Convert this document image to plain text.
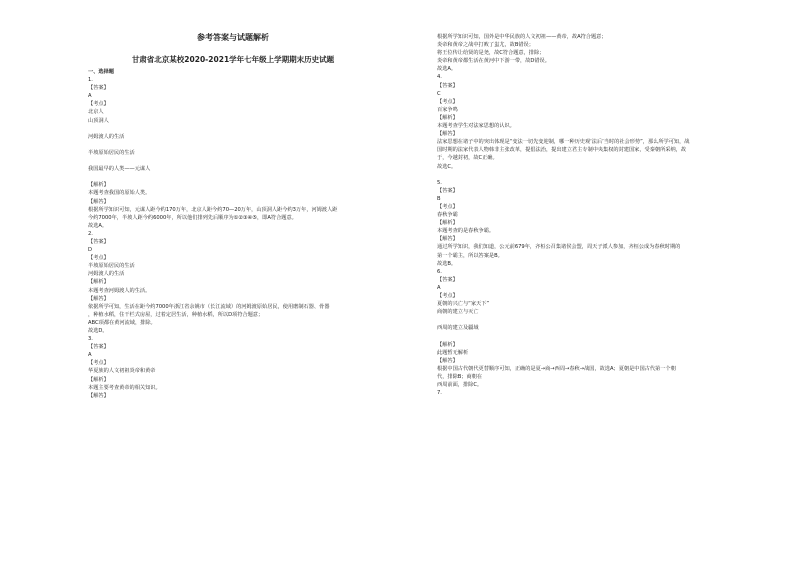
参考答案与试题解析
甘肃省北京某校2020-2021学年七年级上学期期末历史试题
一、选择题
1.
【答案】
A
【考点】
北京人
山顶洞人
河姆渡人的生活
半坡原始居民的生活
我国最早的人类——元谋人
【解析】
本题考查我国的原始人类。
【解答】
根据所学知识可知，元谋人距今约170万年，北京人距今约70—20万年，山顶洞人距今约3万年，河姆渡人距
今约7000年，半坡人距今约6000年，所以他们排列先后顺序为①②③④⑤，即A符合题意。
故选A。
2.
【答案】
D
【考点】
半坡原始居民的生活
河姆渡人的生活
【解析】
本题考查河姆渡人的生活。
【解答】
依据所学可知，生活在距今约7000年浙江省余姚市（长江流域）的河姆渡原始居民，使用磨制石器、骨器
，种植水稻，住干栏式房屋，过着定居生活，种植水稻，所以D项符合题意；
ABC项都在黄河流域，排除。
故选D。
3.
【答案】
A
【考点】
华夏族的人文初祖炎帝和黄帝
【解析】
本题主要考查黄帝的相关知识。
【解答】
根据所学知识可知，国外是中华民族的人文初祖——黄帝，故A符合题意；
炎帝和黄帝之战中打败了蚩尤，故B错误；
将王位传让给贤的是尧，故C符合题意，排除；
炎帝和黄帝都生活在黄河中下游一带，故D错误。
故选A。
4.
【答案】
C
【考点】
百家争鸣
【解析】
本题考查学生对法家思想的认识。
【解答】
法家思想在诸子中的突出体现是“变法一切先变迎制，哪一种历史观‘法后’当时的社会形势”，那么所学可知，战
国时期的法家代表人物韩非主张改革，提倡法治，提出建立君主专制中央集权的封建国家，受秦朝所采纳，故
于，今越封初，故C正确。
故选C。
5.
【答案】
B
【考点】
春秋争霸
【解析】
本题考查的是春秋争霸。
【解答】
通过所学知识，我们知道，公元前679年，齐桓公召集诸侯会盟，周天子派人参加，齐桓公成为春秋时期的
第一个霸主，所以答案是B。
故选B。
6.
【答案】
A
【考点】
夏朝的兴亡与“家天下”
商朝的建立与灭亡
西周的建立及疆域
【解析】
此题暂无解析
【解答】
根据中国古代朝代更替顺序可知，正确的是夏→商→西周→春秋→战国，故选A；夏朝是中国古代第一个朝
代，排除B；商朝在
西周前面，排除C。
7.
